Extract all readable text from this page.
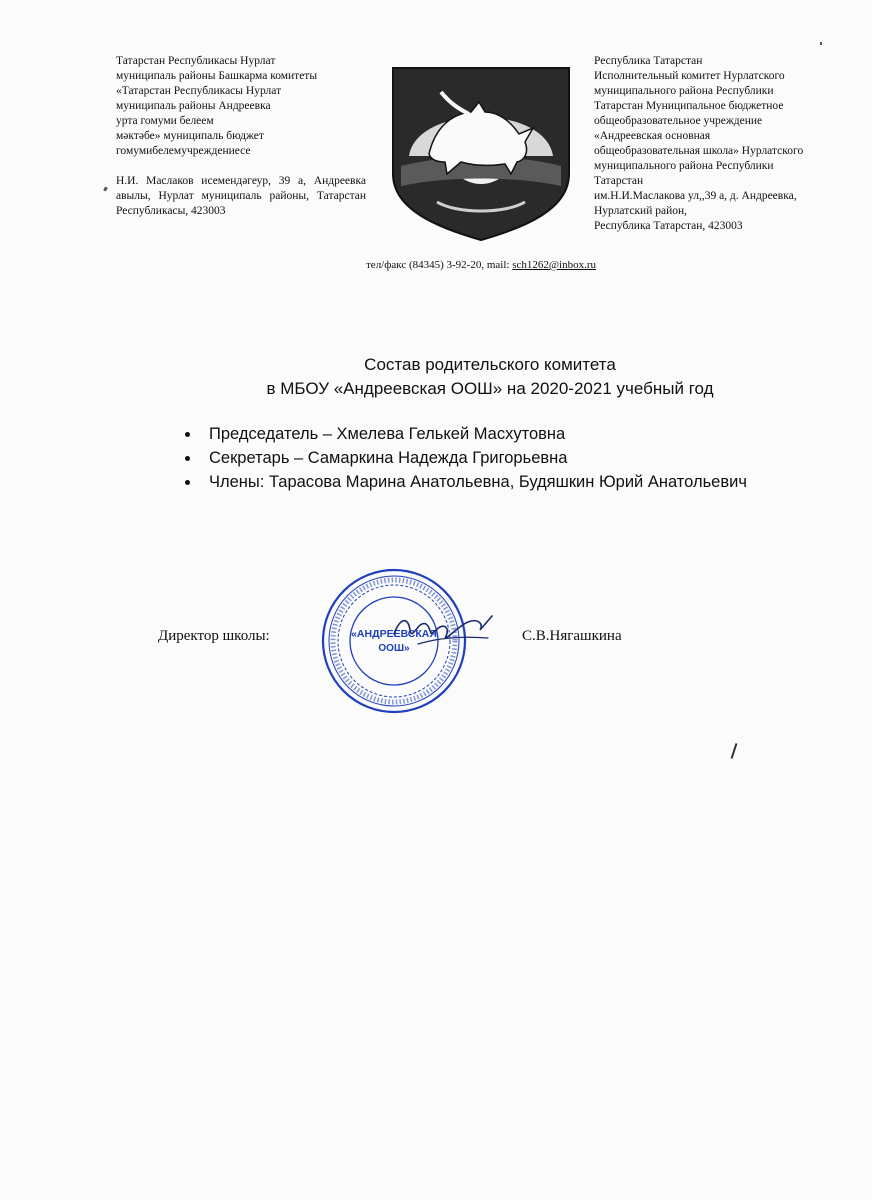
Татарстан Республикасы Нурлат
муниципаль районы Башкарма комитеты
«Татарстан Республикасы Нурлат
муниципаль районы Андреевка
урта гомуми белеем
мәктәбе» муниципаль бюджет
гомумибелемучреждениесе
Н.И. Маслаков исемендәгеур, 39 а, Андреевка авылы, Нурлат муниципаль районы, Татарстан Республикасы, 423003
Республика Татарстан
Исполнительный комитет Нурлатского
муниципального района Республики
Татарстан Муниципальное бюджетное
общеобразовательное учреждение
«Андреевская основная
общеобразовательная школа» Нурлатского
муниципального района Республики
Татарстан
им.Н.И.Маслакова ул,,39 а, д. Андреевка,
Нурлатский район,
Республика Татарстан, 423003
тел/факс (84345) 3-92-20, mail: sch1262@inbox.ru
Состав родительского комитета
в МБОУ «Андреевская ООШ» на 2020-2021 учебный год
Председатель – Хмелева Гелькей Масхутовна
Секретарь – Самаркина Надежда Григорьевна
Члены: Тарасова Марина Анатольевна, Будяшкин Юрий Анатольевич
Директор школы:	«АНДРЕЕВСКАЯ
ООШ»
С.В.Нягашкина
